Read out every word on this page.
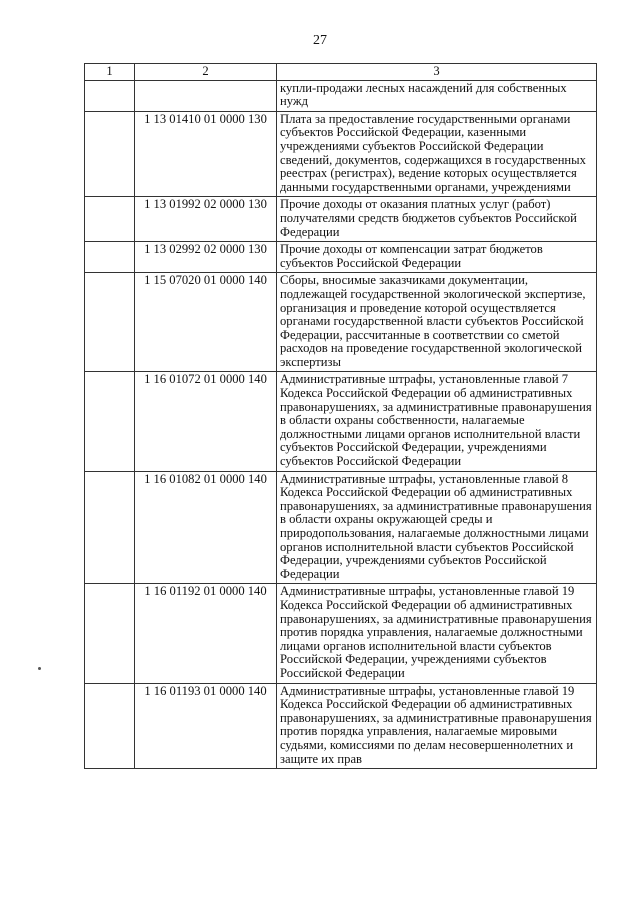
27
1	2	3
		купли-продажи лесных насаждений для собственных нужд
	1 13 01410 01 0000 130	Плата за предоставление государственными органами субъектов Российской Федерации, казенными учреждениями субъектов Российской Федерации сведений, документов, содержащихся в государственных реестрах (регистрах), ведение которых осуществляется данными государственными органами, учреждениями
	1 13 01992 02 0000 130	Прочие доходы от оказания платных услуг (работ) получателями средств бюджетов субъектов Российской Федерации
	1 13 02992 02 0000 130	Прочие доходы от компенсации затрат бюджетов субъектов Российской Федерации
	1 15 07020 01 0000 140	Сборы, вносимые заказчиками документации, подлежащей государственной экологической экспертизе, организация и проведение которой осуществляется органами государственной власти субъектов Российской Федерации, рассчитанные в соответствии со сметой расходов на проведение государственной экологической экспертизы
	1 16 01072 01 0000 140	Административные штрафы, установленные главой 7 Кодекса Российской Федерации об административных правонарушениях, за административные правонарушения в области охраны собственности, налагаемые должностными лицами органов исполнительной власти субъектов Российской Федерации, учреждениями субъектов Российской Федерации
	1 16 01082 01 0000 140	Административные штрафы, установленные главой 8 Кодекса Российской Федерации об административных правонарушениях, за административные правонарушения в области охраны окружающей среды и природопользования, налагаемые должностными лицами органов исполнительной власти субъектов Российской Федерации, учреждениями субъектов Российской Федерации
	1 16 01192 01 0000 140	Административные штрафы, установленные главой 19 Кодекса Российской Федерации об административных правонарушениях, за административные правонарушения против порядка управления, налагаемые должностными лицами органов исполнительной власти субъектов Российской Федерации, учреждениями субъектов Российской Федерации
	1 16 01193 01 0000 140	Административные штрафы, установленные главой 19 Кодекса Российской Федерации об административных правонарушениях, за административные правонарушения против порядка управления, налагаемые мировыми судьями, комиссиями по делам несовершеннолетних и защите их прав
